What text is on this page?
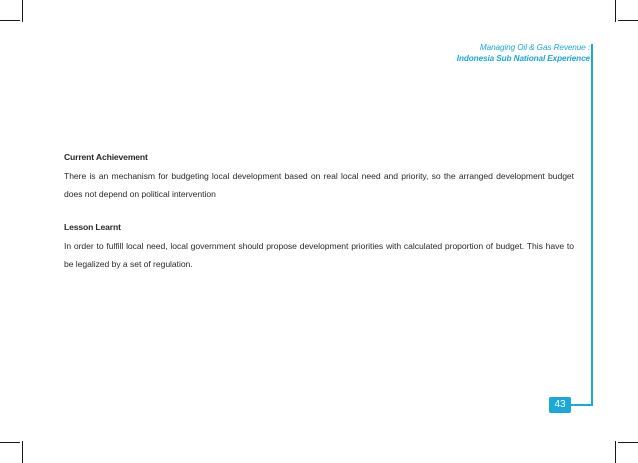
Managing Oil & Gas Revenue :
Indonesia Sub National Experience
Current Achievement
There is an mechanism for budgeting local development based on real local need and priority, so the arranged development budget does not depend on political intervention
Lesson Learnt
In order to fulfill local need, local government should propose development priorities with calculated proportion of budget. This have to be legalized by a set of regulation.
43
